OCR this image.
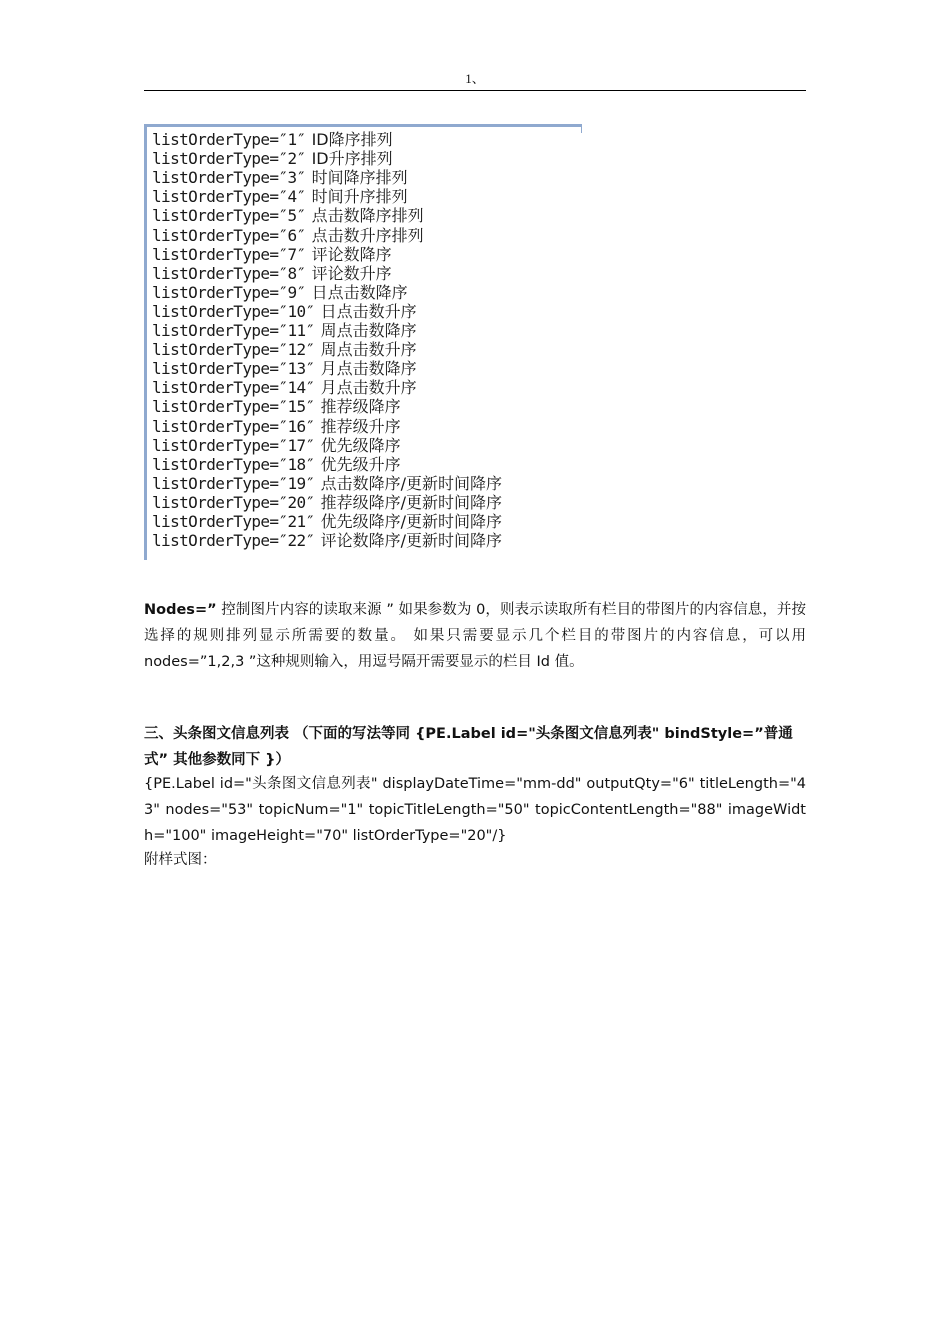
1、
listOrderType=″1″ ID降序排列
listOrderType=″2″ ID升序排列
listOrderType=″3″ 时间降序排列
listOrderType=″4″ 时间升序排列
listOrderType=″5″ 点击数降序排列
listOrderType=″6″ 点击数升序排列
listOrderType=″7″ 评论数降序
listOrderType=″8″ 评论数升序
listOrderType=″9″ 日点击数降序
listOrderType=″10″ 日点击数升序
listOrderType=″11″ 周点击数降序
listOrderType=″12″ 周点击数升序
listOrderType=″13″ 月点击数降序
listOrderType=″14″ 月点击数升序
listOrderType=″15″ 推荐级降序
listOrderType=″16″ 推荐级升序
listOrderType=″17″ 优先级降序
listOrderType=″18″ 优先级升序
listOrderType=″19″ 点击数降序/更新时间降序
listOrderType=″20″ 推荐级降序/更新时间降序
listOrderType=″21″ 优先级降序/更新时间降序
listOrderType=″22″ 评论数降序/更新时间降序
Nodes=” 控制图片内容的读取来源 ” 如果参数为 0，则表示读取所有栏目的带图片的内容信息，并按选择的规则排列显示所需要的数量。 如果只需要显示几个栏目的带图片的内容信息，可以用 nodes=”1,2,3 ”这种规则输入，用逗号隔开需要显示的栏目 Id 值。
三、头条图文信息列表 （下面的写法等同 {PE.Label id="头条图文信息列表" bindStyle=”普通式” 其他参数同下 }）
{PE.Label id="头条图文信息列表" displayDateTime="mm-dd" outputQty="6" titleLength="43" nodes="53" topicNum="1" topicTitleLength="50" topicContentLength="88" imageWidth="100" imageHeight="70" listOrderType="20"/}
附样式图：
